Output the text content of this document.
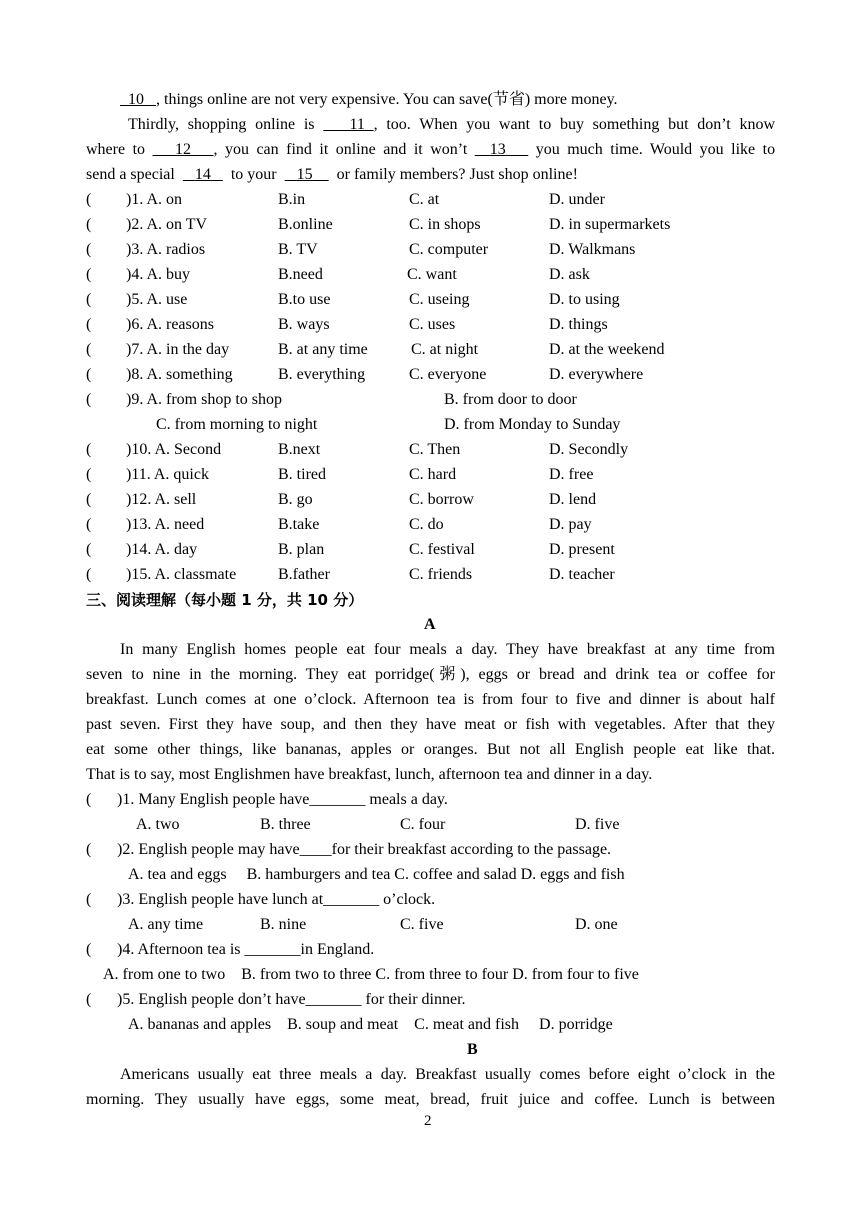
10 , things online are not very expensive. You can save(节省) more money.
Thirdly, shopping online is 11 , too. When you want to buy something but don’t know
where to 12 , you can find it online and it won’t 13 you much time. Would you like to
send a special 14 to your 15 or family members? Just shop online!
( )1. A. on	B.in	C. at	D. under
( )2. A. on TV	B.online	C. in shops	D. in supermarkets
( )3. A. radios	B. TV	C. computer	D. Walkmans
( )4. A. buy	B.need	C. want	D. ask
( )5. A. use	B.to use	C. useing	D. to using
( )6. A. reasons	B. ways	C. uses	D. things
( )7. A. in the day	B. at any time	C. at night	D. at the weekend
( )8. A. something	B. everything	C. everyone	D. everywhere
( )9. A. from shop to shop	B. from door to door
C. from morning to night	D. from Monday to Sunday
( )10. A. Second	B.next	C. Then	D. Secondly
( )11. A. quick	B. tired	C. hard	D. free
( )12. A. sell	B. go	C. borrow	D. lend
( )13. A. need	B.take	C. do	D. pay
( )14. A. day	B. plan	C. festival	D. present
( )15. A. classmate	B.father	C. friends	D. teacher
三、阅读理解（每小题 1 分，共 10 分）
A
In many English homes people eat four meals a day. They have breakfast at any time from
seven to nine in the morning. They eat porridge(粥), eggs or bread and drink tea or coffee for
breakfast. Lunch comes at one o’clock. Afternoon tea is from four to five and dinner is about half
past seven. First they have soup, and then they have meat or fish with vegetables. After that they
eat some other things, like bananas, apples or oranges. But not all English people eat like that.
That is to say, most Englishmen have breakfast, lunch, afternoon tea and dinner in a day.
( )1. Many English people have_______ meals a day.
A. two	B. three	C. four	D. five
( )2. English people may have____for their breakfast according to the passage.
A. tea and eggs     B. hamburgers and tea C. coffee and salad D. eggs and fish
( )3. English people have lunch at_______ o’clock.
A. any time	B. nine	C. five	D. one
( )4. Afternoon tea is _______in England.
A. from one to two    B. from two to three C. from three to four D. from four to five
( )5. English people don’t have_______ for their dinner.
A. bananas and apples    B. soup and meat    C. meat and fish     D. porridge
B
Americans usually eat three meals a day. Breakfast usually comes before eight o’clock in the
morning. They usually have eggs, some meat, bread, fruit juice and coffee. Lunch is between
2
